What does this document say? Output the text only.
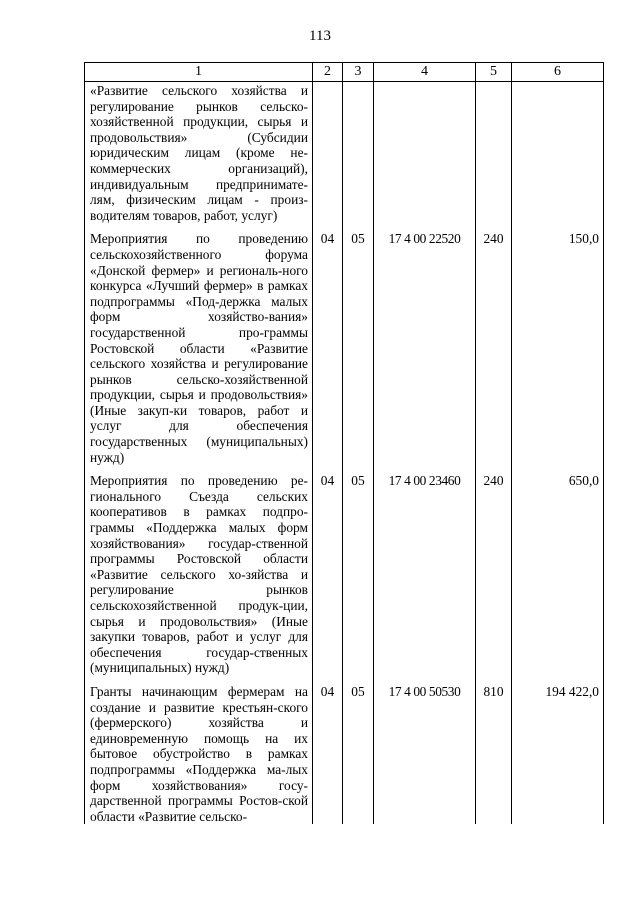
113
1	2	3	4	5	6
«Развитие сельского хозяйства и регулирование рынков сельско-хозяйственной продукции, сырья и продовольствия» (Субсидии юридическим лицам (кроме не-коммерческих организаций), индивидуальным предпринимате-лям, физическим лицам - произ-водителям товаров, работ, услуг)					
Мероприятия по проведению сельскохозяйственного форума «Донской фермер» и региональ-ного конкурса «Лучший фермер» в рамках подпрограммы «Под-держка малых форм хозяйство-вания» государственной про-граммы Ростовской области «Развитие сельского хозяйства и регулирование рынков сельско-хозяйственной продукции, сырья и продовольствия» (Иные закуп-ки товаров, работ и услуг для обеспечения государственных (муниципальных) нужд)	04	05	17 4 00 22520	240	150,0
Мероприятия по проведению ре-гионального Съезда сельских кооперативов в рамках подпро-граммы «Поддержка малых форм хозяйствования» государ-ственной программы Ростовской области «Развитие сельского хо-зяйства и регулирование рынков сельскохозяйственной продук-ции, сырья и продовольствия» (Иные закупки товаров, работ и услуг для обеспечения государ-ственных (муниципальных) нужд)	04	05	17 4 00 23460	240	650,0
Гранты начинающим фермерам на создание и развитие крестьян-ского (фермерского) хозяйства и единовременную помощь на их бытовое обустройство в рамках подпрограммы «Поддержка ма-лых форм хозяйствования» госу-дарственной программы Ростов-ской области «Развитие сельско-	04	05	17 4 00 50530	810	194 422,0
